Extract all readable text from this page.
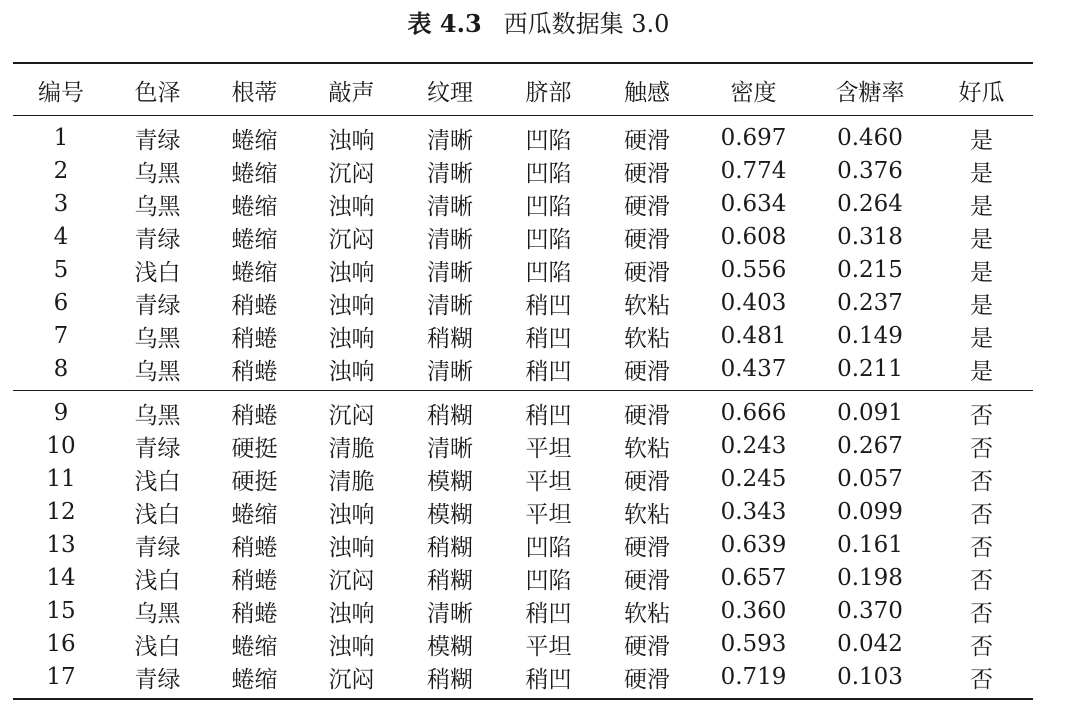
表 4.3 西瓜数据集 3.0
编号	色泽	根蒂	敲声	纹理	脐部	触感	密度	含糖率	好瓜
1	青绿	蜷缩	浊响	清晰	凹陷	硬滑	0.697	0.460	是
2	乌黑	蜷缩	沉闷	清晰	凹陷	硬滑	0.774	0.376	是
3	乌黑	蜷缩	浊响	清晰	凹陷	硬滑	0.634	0.264	是
4	青绿	蜷缩	沉闷	清晰	凹陷	硬滑	0.608	0.318	是
5	浅白	蜷缩	浊响	清晰	凹陷	硬滑	0.556	0.215	是
6	青绿	稍蜷	浊响	清晰	稍凹	软粘	0.403	0.237	是
7	乌黑	稍蜷	浊响	稍糊	稍凹	软粘	0.481	0.149	是
8	乌黑	稍蜷	浊响	清晰	稍凹	硬滑	0.437	0.211	是
9	乌黑	稍蜷	沉闷	稍糊	稍凹	硬滑	0.666	0.091	否
10	青绿	硬挺	清脆	清晰	平坦	软粘	0.243	0.267	否
11	浅白	硬挺	清脆	模糊	平坦	硬滑	0.245	0.057	否
12	浅白	蜷缩	浊响	模糊	平坦	软粘	0.343	0.099	否
13	青绿	稍蜷	浊响	稍糊	凹陷	硬滑	0.639	0.161	否
14	浅白	稍蜷	沉闷	稍糊	凹陷	硬滑	0.657	0.198	否
15	乌黑	稍蜷	浊响	清晰	稍凹	软粘	0.360	0.370	否
16	浅白	蜷缩	浊响	模糊	平坦	硬滑	0.593	0.042	否
17	青绿	蜷缩	沉闷	稍糊	稍凹	硬滑	0.719	0.103	否
